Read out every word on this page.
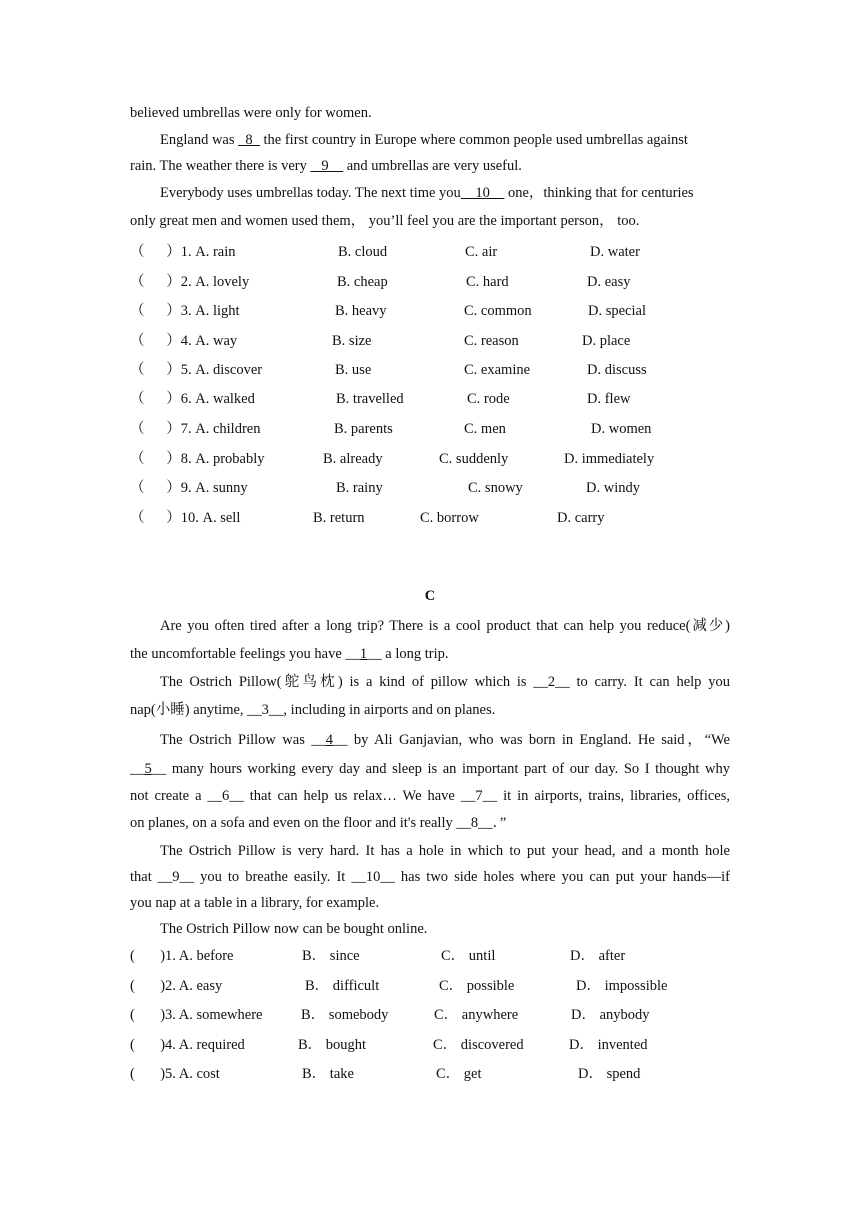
believed umbrellas were only for women.
England was   8   the first country in Europe where common people used umbrellas against
rain. The weather there is very    9     and umbrellas are very useful.
Everybody uses umbrellas today. The next time you    10     one，thinking that for centuries
only great men and women used them， you’ll feel you are the important person， too.
（      ）1. A. rain	B. cloud	C. air	D. water
（      ）2. A. lovely	B. cheap	C. hard	D. easy
（      ）3. A. light	B. heavy	C. common	D. special
（      ）4. A. way	B. size	C. reason	D. place
（      ）5. A. discover	B. use	C. examine	D. discuss
（      ）6. A. walked	B. travelled	C. rode	D. flew
（      ）7. A. children	B. parents	C. men	D. women
（      ）8. A. probably	B. already	C. suddenly	D. immediately
（      ）9. A. sunny	B. rainy	C. snowy	D. windy
（      ）10. A. sell	B. return	C. borrow	D. carry
C
Are you often tired after a long trip? There is a cool product that can help you reduce(减少)
the uncomfortable feelings you have __1__ a long trip.
The Ostrich Pillow(鸵鸟枕) is a kind of pillow which is __2__ to carry. It can help you
nap(小睡) anytime, __3__, including in airports and on planes.
The Ostrich Pillow was __4__ by Ali Ganjavian, who was born in England. He said，“We
__5__ many hours working every day and sleep is an important part of our day. So I thought why
not create a __6__ that can help us relax… We have __7__ it in airports, trains, libraries, offices,
on planes, on a sofa and even on the floor and it's really __8__．”
The Ostrich Pillow is very hard. It has a hole in which to put your head, and a month hole
that __9__ you to breathe easily. It __10__ has two side holes where you can put your hands—if
you nap at a table in a library, for example.
The Ostrich Pillow now can be bought online.
(       )1. A. before	B． since	C． until	D． after
(       )2. A. easy	B． difficult	C． possible	D． impossible
(       )3. A. somewhere	B． somebody	C． anywhere	D． anybody
(       )4. A. required	B． bought	C． discovered	D． invented
(       )5. A. cost	B． take	C． get	D． spend
